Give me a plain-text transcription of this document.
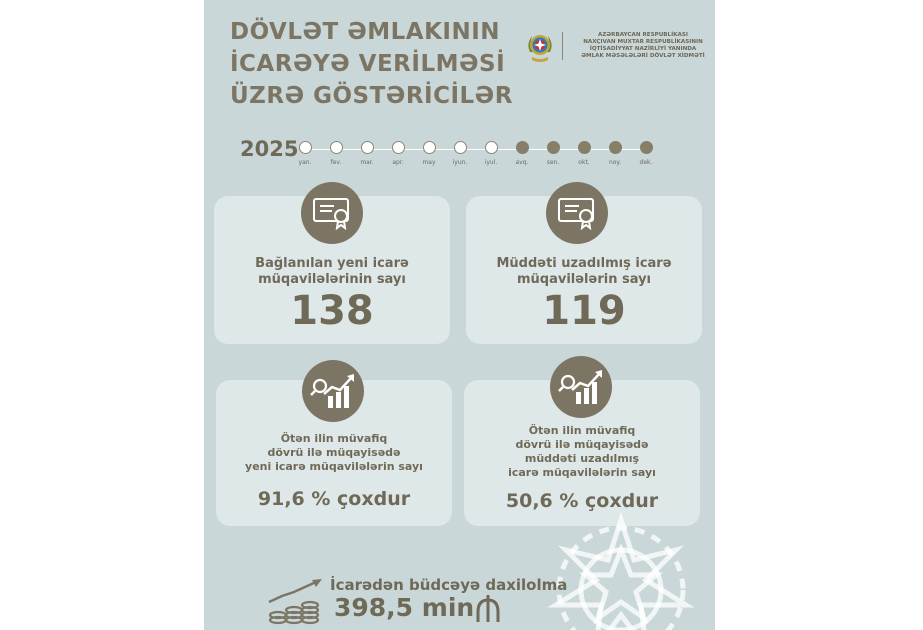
DÖVLƏT ƏMLAKININ
İCARƏYƏ VERİLMƏSİ
ÜZRƏ GÖSTƏRİCİLƏR
AZƏRBAYCAN RESPUBLİKASI
NAXÇIVAN MUXTAR RESPUBLİKASININ
İQTİSADİYYAT NAZİRLİYİ YANINDA
ƏMLAK MƏSƏLƏLƏRİ DÖVLƏT XİDMƏTİ
2025
yan.	fev.	mar.	apr.	may	iyun.	iyul.	avq.	sen.	okt.	noy.	dek.
Bağlanılan yeni icarə
müqavilələrinin sayı
138
Müddəti uzadılmış icarə
müqavilələrin sayı
119
Ötən ilin müvafiq
dövrü ilə müqayisədə
yeni icarə müqavilələrin sayı
91,6 % çoxdur
Ötən ilin müvafiq
dövrü ilə müqayisədə
müddəti uzadılmış
icarə müqavilələrin sayı
50,6 % çoxdur
İcarədən büdcəyə daxilolma
398,5 min
